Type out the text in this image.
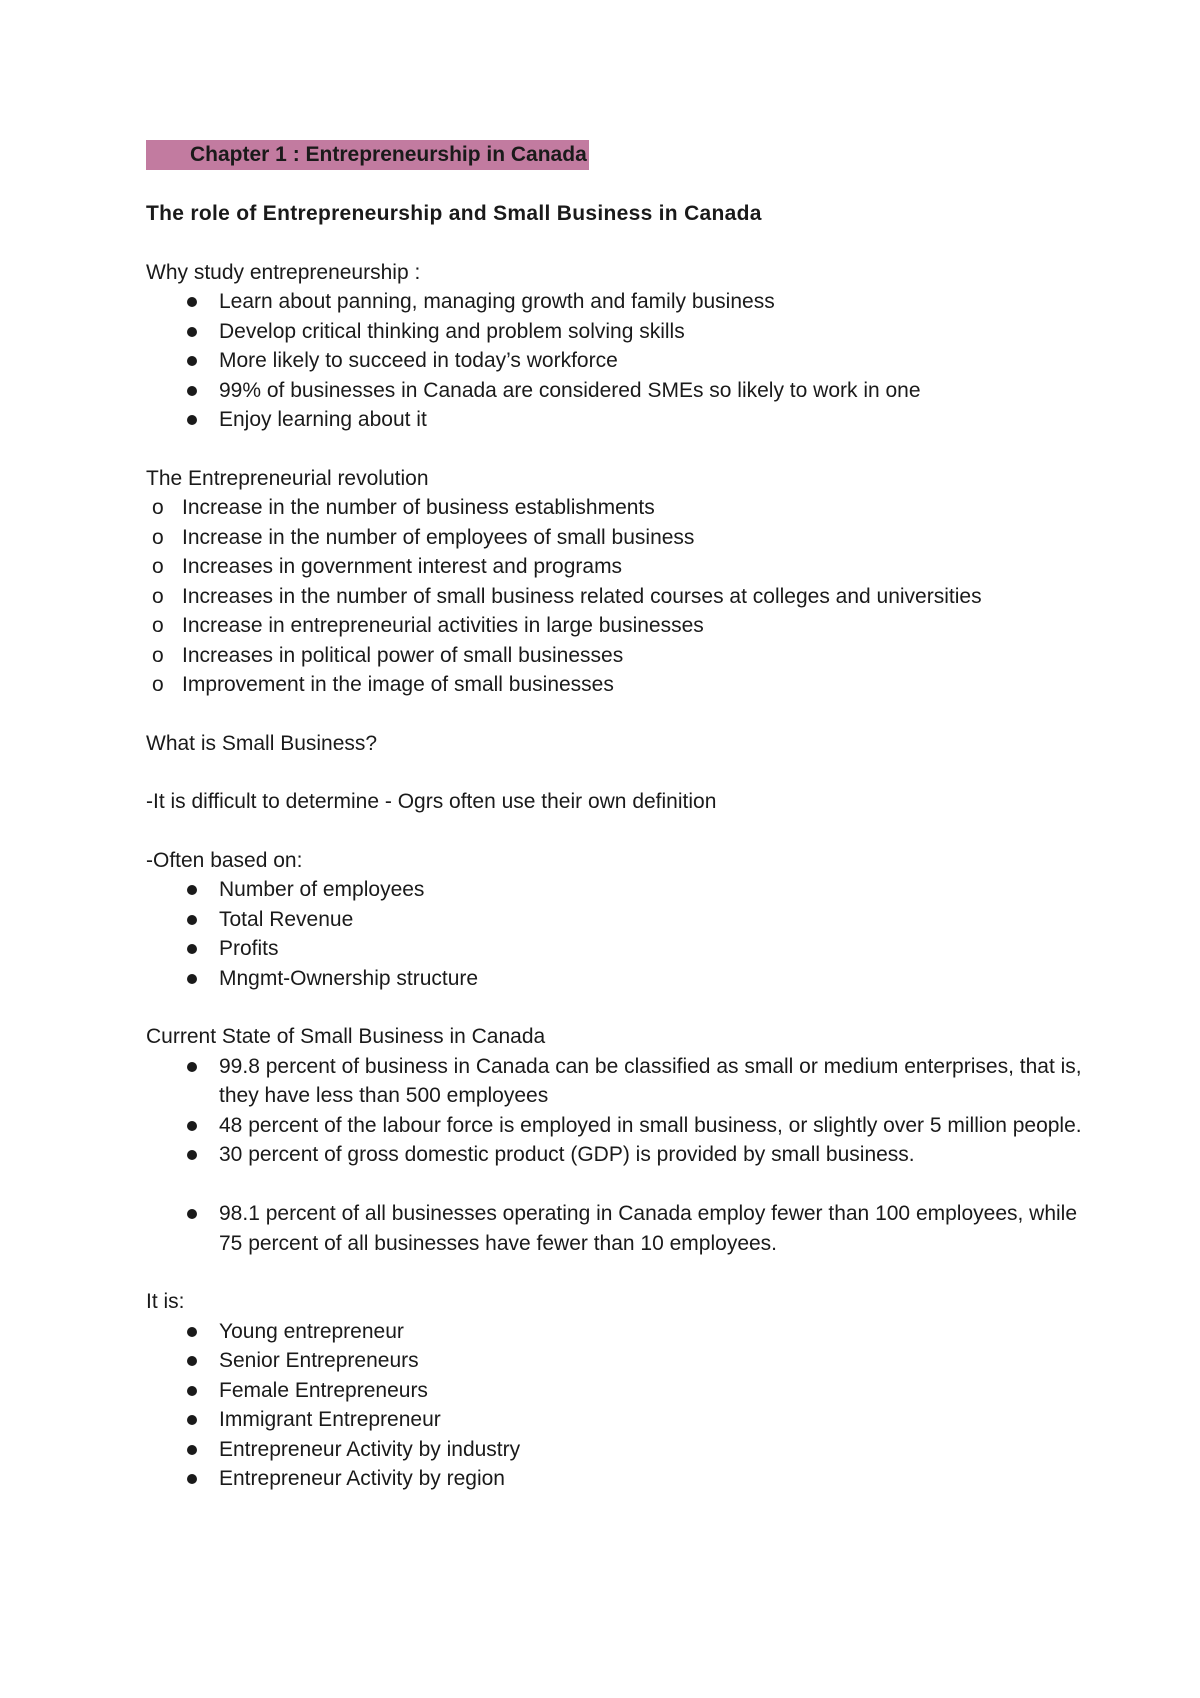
Chapter 1 : Entrepreneurship in Canada
The role of Entrepreneurship and Small Business in Canada
Why study entrepreneurship :
Learn about panning, managing growth and family business
Develop critical thinking and problem solving skills
More likely to succeed in today’s workforce
99% of businesses in Canada are considered SMEs so likely to work in one
Enjoy learning about it
The Entrepreneurial revolution
o Increase in the number of business establishments
o Increase in the number of employees of small business
o Increases in government interest and programs
o Increases in the number of small business related courses at colleges and universities
o Increase in entrepreneurial activities in large businesses
o Increases in political power of small businesses
o Improvement in the image of small businesses
What is Small Business?
-It is difficult to determine - Ogrs often use their own definition
-Often based on:
Number of employees
Total Revenue
Profits
Mngmt-Ownership structure
Current State of Small Business in Canada
99.8 percent of business in Canada can be classified as small or medium enterprises, that is, they have less than 500 employees
48 percent of the labour force is employed in small business, or slightly over 5 million people.
30 percent of gross domestic product (GDP) is provided by small business.
98.1 percent of all businesses operating in Canada employ fewer than 100 employees, while 75 percent of all businesses have fewer than 10 employees.
It is:
Young entrepreneur
Senior Entrepreneurs
Female Entrepreneurs
Immigrant Entrepreneur
Entrepreneur Activity by industry
Entrepreneur Activity by region
